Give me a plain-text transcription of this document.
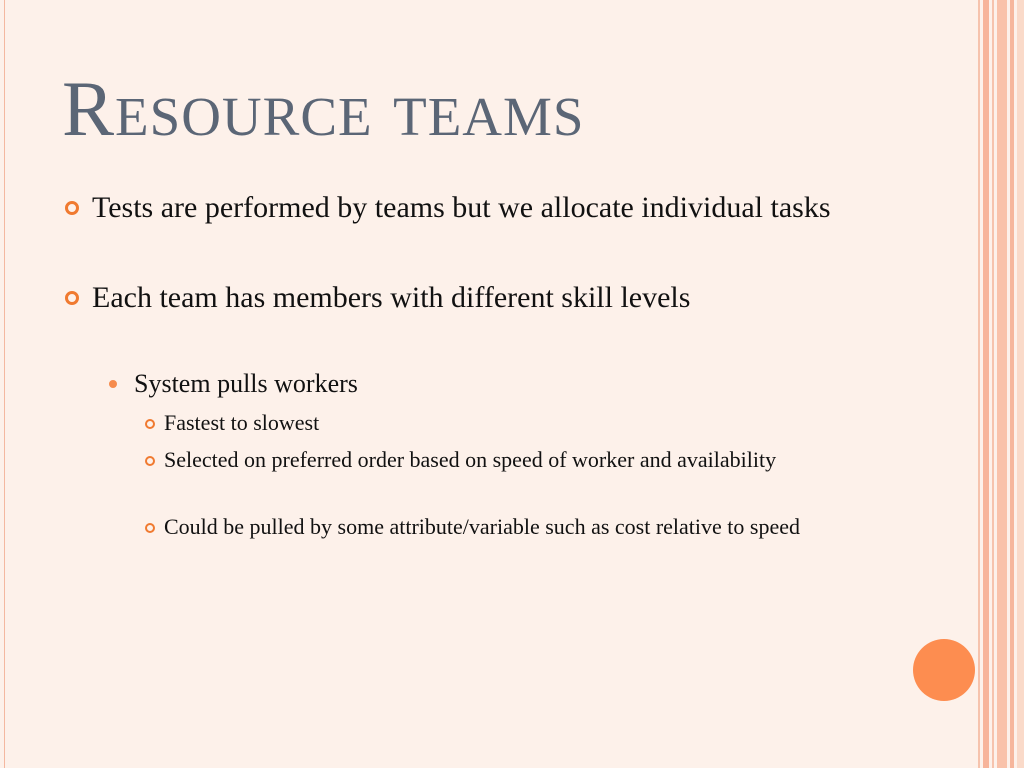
Resource teams
Tests are performed by teams but we allocate individual tasks
Each team has members with different skill levels
System pulls workers
Fastest to slowest
Selected on preferred order based on speed of worker and availability
Could be pulled by some attribute/variable such as cost relative to speed
